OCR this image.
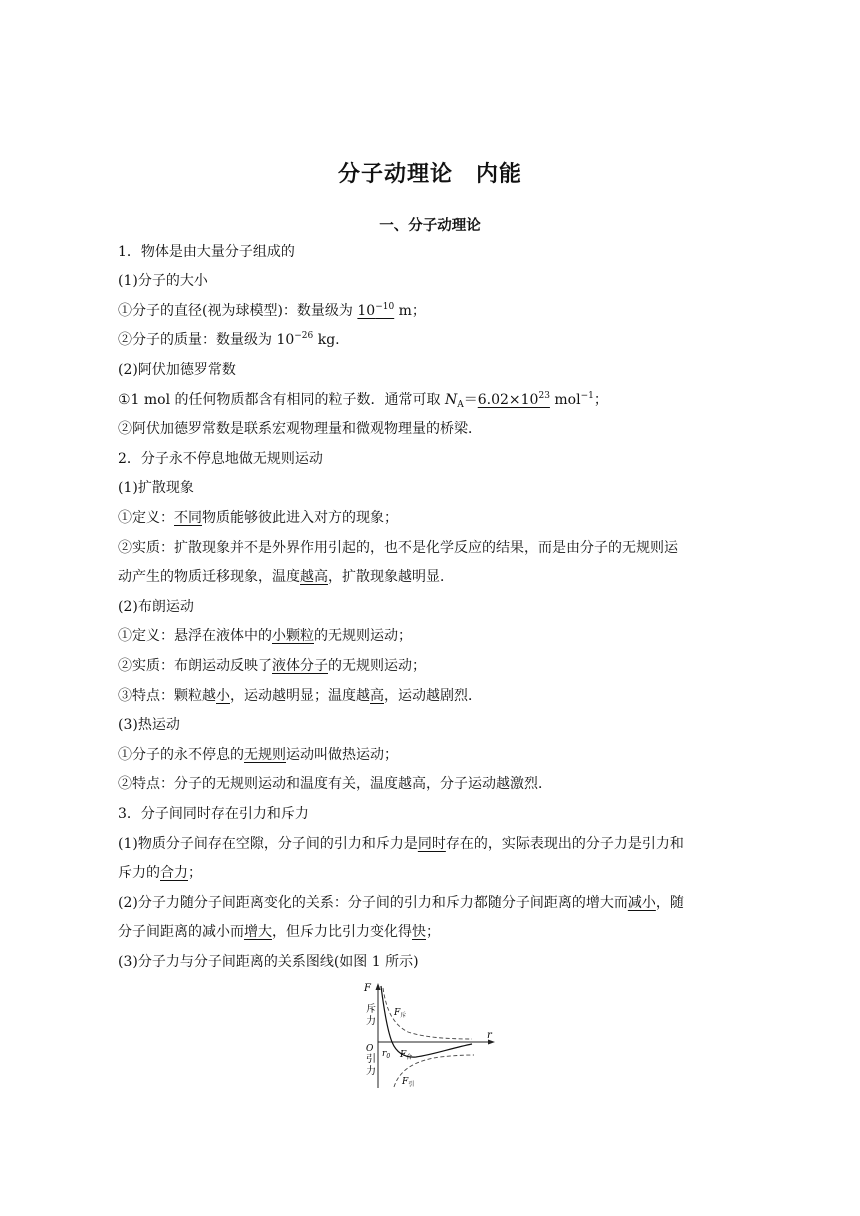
分子动理论　内能
一、分子动理论
1．物体是由大量分子组成的
(1)分子的大小
①分子的直径(视为球模型)：数量级为 $10^{-10}$ m；
②分子的质量：数量级为 $10^{-26}$ kg.
(2)阿伏加德罗常数
①1 mol 的任何物质都含有相同的粒子数．通常可取 $N_A=6.02\times 10^{23}$ mol$^{-1}$；
②阿伏加德罗常数是联系宏观物理量和微观物理量的桥梁．
2．分子永不停息地做无规则运动
(1)扩散现象
①定义：不同物质能够彼此进入对方的现象；
②实质：扩散现象并不是外界作用引起的，也不是化学反应的结果，而是由分子的无规则运
动产生的物质迁移现象，温度越高，扩散现象越明显．
(2)布朗运动
①定义：悬浮在液体中的小颗粒的无规则运动；
②实质：布朗运动反映了液体分子的无规则运动；
③特点：颗粒越小，运动越明显；温度越高，运动越剧烈．
(3)热运动
①分子的永不停息的无规则运动叫做热运动；
②特点：分子的无规则运动和温度有关，温度越高，分子运动越激烈．
3．分子间同时存在引力和斥力
(1)物质分子间存在空隙，分子间的引力和斥力是同时存在的，实际表现出的分子力是引力和
斥力的合力；
(2)分子力随分子间距离变化的关系：分子间的引力和斥力都随分子间距离的增大而减小，随
分子间距离的减小而增大，但斥力比引力变化得快；
(3)分子力与分子间距离的关系图线(如图 1 所示)
F
r
O
斥力
引力
$r_0$
$F_斥$
$F_合$
$F_引$
